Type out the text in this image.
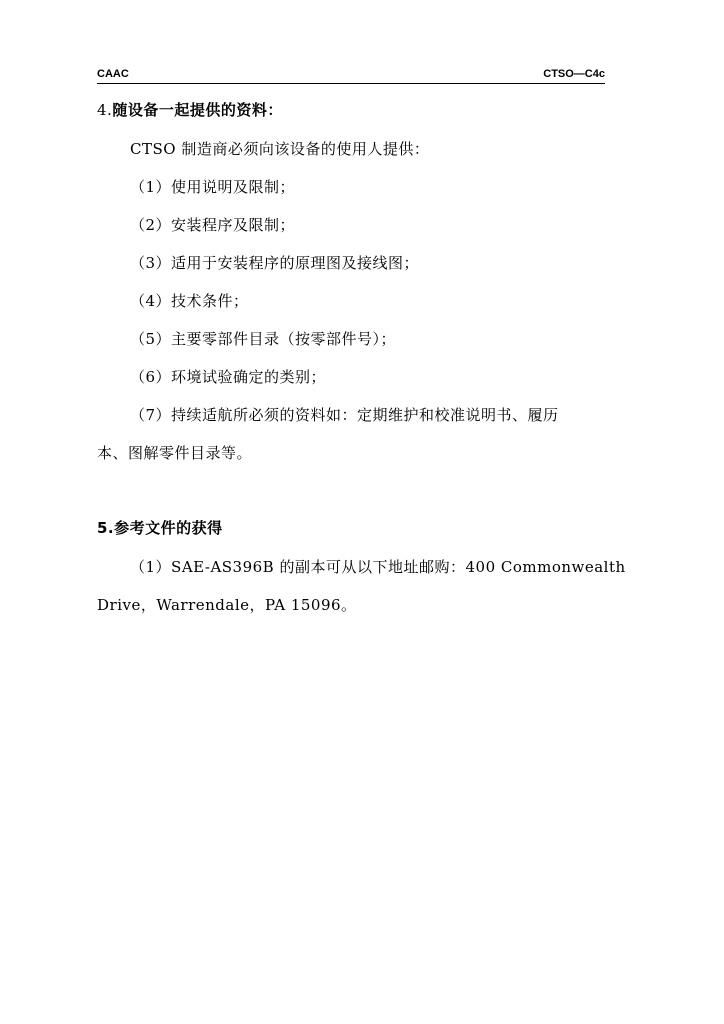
CAAC	CTSO—C4c
4.随设备一起提供的资料：
CTSO 制造商必须向该设备的使用人提供：
（1）使用说明及限制；
（2）安装程序及限制；
（3）适用于安装程序的原理图及接线图；
（4）技术条件；
（5）主要零部件目录（按零部件号）；
（6）环境试验确定的类别；
（7）持续适航所必须的资料如：定期维护和校准说明书、履历
本、图解零件目录等。
5.参考文件的获得
（1）SAE-AS396B 的副本可从以下地址邮购：400 Commonwealth
Drive，Warrendale，PA 15096。
